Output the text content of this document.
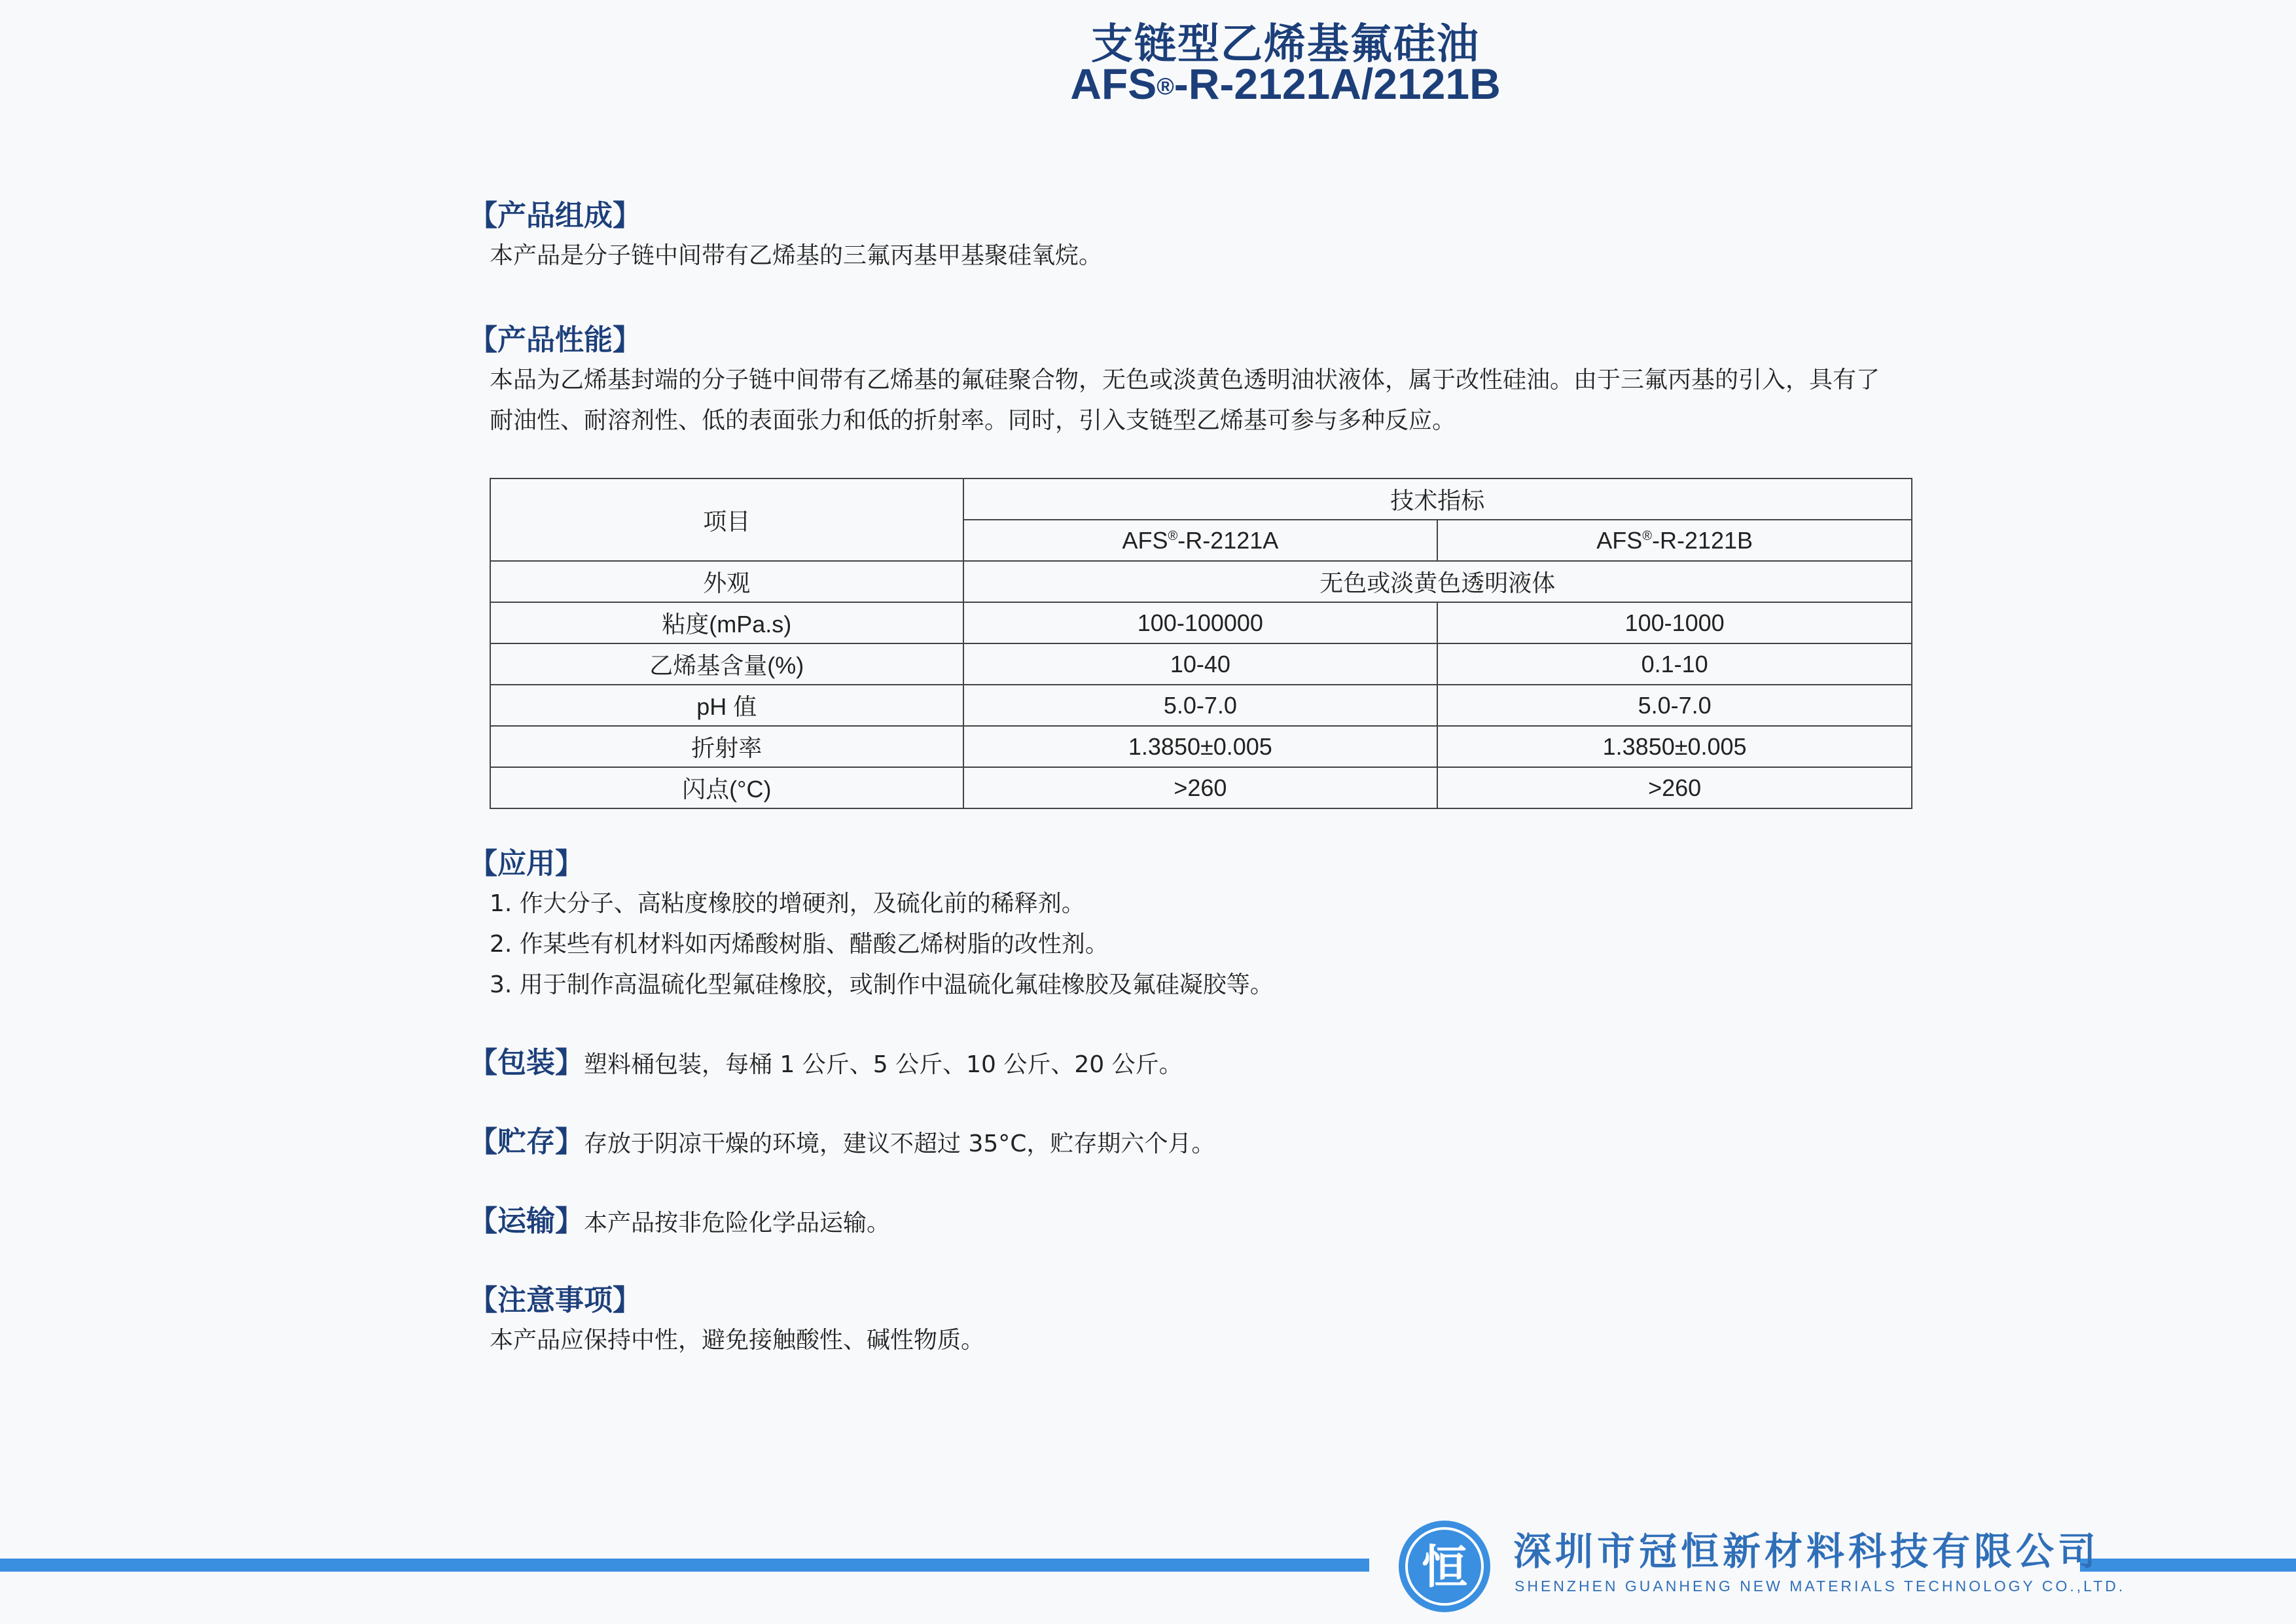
支链型乙烯基氟硅油
AFS®-R-2121A/2121B
【产品组成】

本产品是分子链中间带有乙烯基的三氟丙基甲基聚硅氧烷。

【产品性能】

本品为乙烯基封端的分子链中间带有乙烯基的氟硅聚合物，无色或淡黄色透明油状液体，属于改性硅油。由于三氟丙基的引入，具有了

耐油性、耐溶剂性、低的表面张力和低的折射率。同时，引入支链型乙烯基可参与多种反应。

项目	技术指标	
	AFS®-R-2121A	AFS®-R-2121B
外观	无色或淡黄色透明液体	
粘度(mPa.s)	100-100000	100-1000
乙烯基含量(%)	10-40	0.1-10
pH 值	5.0-7.0	5.0-7.0
折射率	1.3850±0.005	1.3850±0.005
闪点(°C)	>260	>260
【应用】

1. 作大分子、高粘度橡胶的增硬剂，及硫化前的稀释剂。

2. 作某些有机材料如丙烯酸树脂、醋酸乙烯树脂的改性剂。

3. 用于制作高温硫化型氟硅橡胶，或制作中温硫化氟硅橡胶及氟硅凝胶等。

【包装】塑料桶包装，每桶 1 公斤、5 公斤、10 公斤、20 公斤。
【贮存】存放于阴凉干燥的环境，建议不超过 35°C，贮存期六个月。
【运输】本产品按非危险化学品运输。
【注意事项】

本产品应保持中性，避免接触酸性、碱性物质。

恒 深圳市冠恒新材料科技有限公司
SHENZHEN GUANHENG NEW MATERIALS TECHNOLOGY CO.,LTD.
